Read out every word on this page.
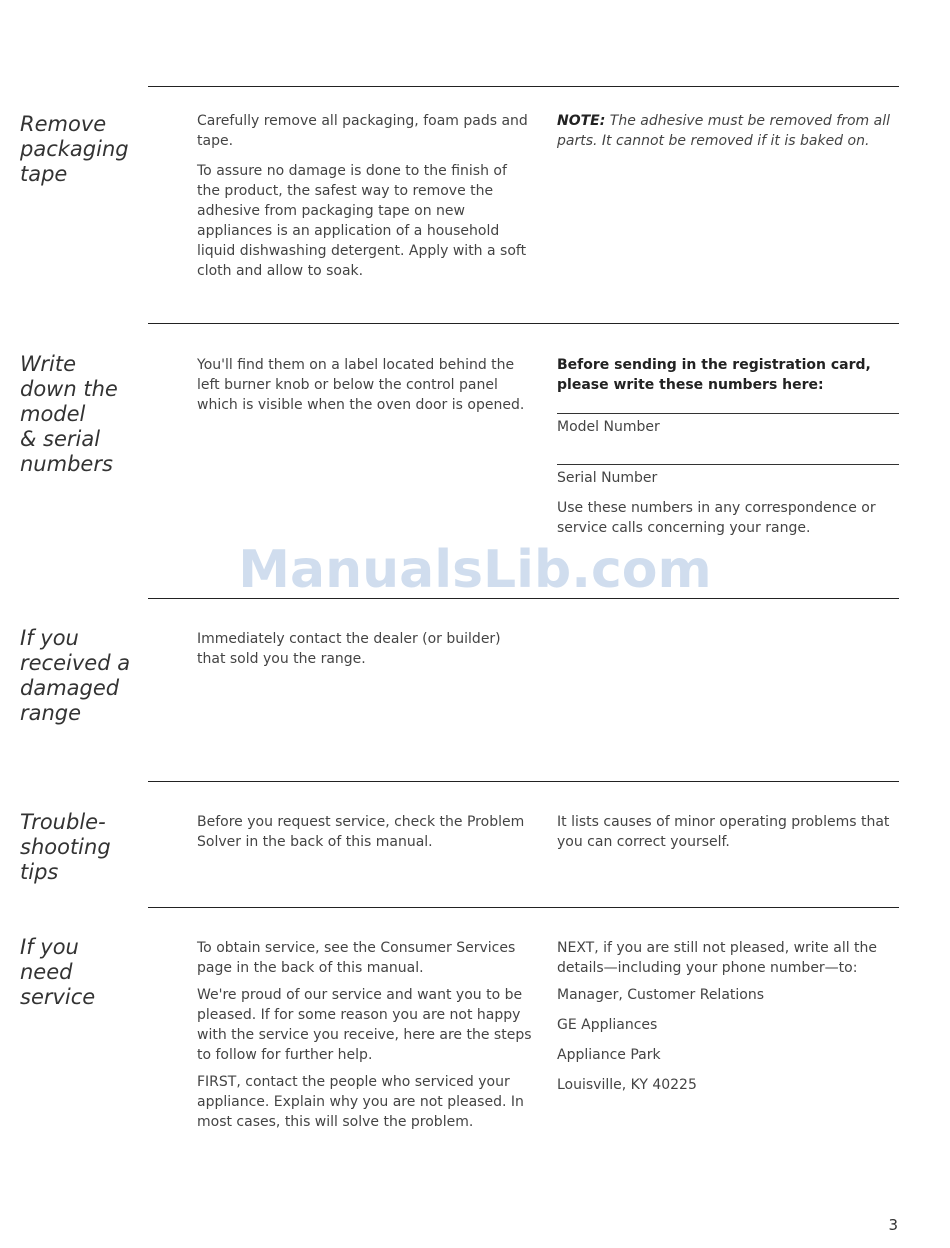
Remove
packaging
tape

Carefully remove all packaging, foam pads and tape.

To assure no damage is done to the finish of the product, the safest way to remove the adhesive from packaging tape on new appliances is an application of a household liquid dishwashing detergent. Apply with a soft cloth and allow to soak.

NOTE: The adhesive must be removed from all parts. It cannot be removed if it is baked on.

Write
down the
model
& serial
numbers

You'll find them on a label located behind the left burner knob or below the control panel which is visible when the oven door is opened.

Before sending in the registration card, please write these numbers here:

Model Number
Serial Number

Use these numbers in any correspondence or service calls concerning your range.

If you
received a
damaged
range

Immediately contact the dealer (or builder) that sold you the range.

Trouble-
shooting
tips

Before you request service, check the Problem Solver in the back of this manual.

It lists causes of minor operating problems that you can correct yourself.

If you
need
service

To obtain service, see the Consumer Services page in the back of this manual.

We're proud of our service and want you to be pleased. If for some reason you are not happy with the service you receive, here are the steps to follow for further help.

FIRST, contact the people who serviced your appliance. Explain why you are not pleased. In most cases, this will solve the problem.

NEXT, if you are still not pleased, write all the details—including your phone number—to:

Manager, Customer Relations

GE Appliances

Appliance Park

Louisville, KY 40225

ManualsLib.com
3
